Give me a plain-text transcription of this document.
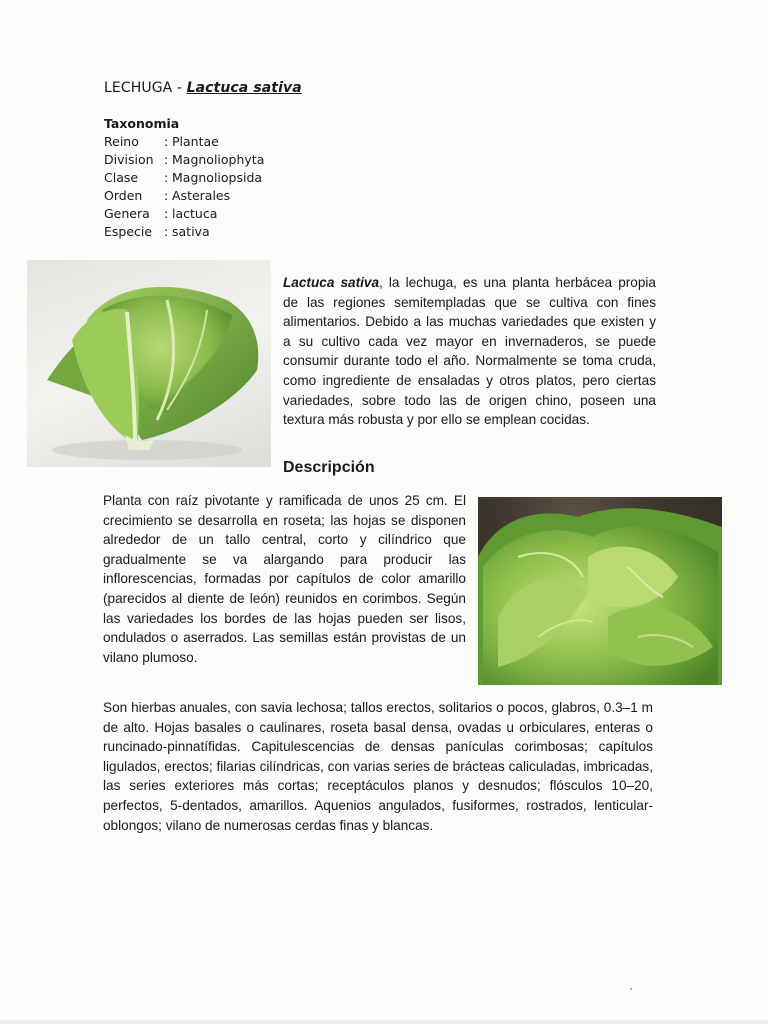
LECHUGA - Lactuca sativa
Taxonomia
Reino	: Plantae
Division : Magnoliophyta
Clase	: Magnoliopsida
Orden	: Asterales
Genera	: lactuca
Especie : sativa
Lactuca sativa, la lechuga, es una planta herbácea propia de las regiones semitempladas que se cultiva con fines alimentarios. Debido a las muchas variedades que existen y a su cultivo cada vez mayor en invernaderos, se puede consumir durante todo el año. Normalmente se toma cruda, como ingrediente de ensaladas y otros platos, pero ciertas variedades, sobre todo las de origen chino, poseen una textura más robusta y por ello se emplean cocidas.
Descripción
Planta con raíz pivotante y ramificada de unos 25 cm. El crecimiento se desarrolla en roseta; las hojas se disponen alrededor de un tallo central, corto y cilíndrico que gradualmente se va alargando para producir las inflorescencias, formadas por capítulos de color amarillo (parecidos al diente de león) reunidos en corimbos. Según las variedades los bordes de las hojas pueden ser lisos, ondulados o aserrados. Las semillas están provistas de un vilano plumoso.
Son hierbas anuales, con savia lechosa; tallos erectos, solitarios o pocos, glabros, 0.3–1 m de alto. Hojas basales o caulinares, roseta basal densa, ovadas u orbiculares, enteras o runcinado-pinnatífidas. Capitulescencias de densas panículas corimbosas; capítulos ligulados, erectos; filarias cilíndricas, con varias series de brácteas caliculadas, imbricadas, las series exteriores más cortas; receptáculos planos y desnudos; flósculos 10–20, perfectos, 5-dentados, amarillos. Aquenios angulados, fusiformes, rostrados, lenticular-oblongos; vilano de numerosas cerdas finas y blancas.
